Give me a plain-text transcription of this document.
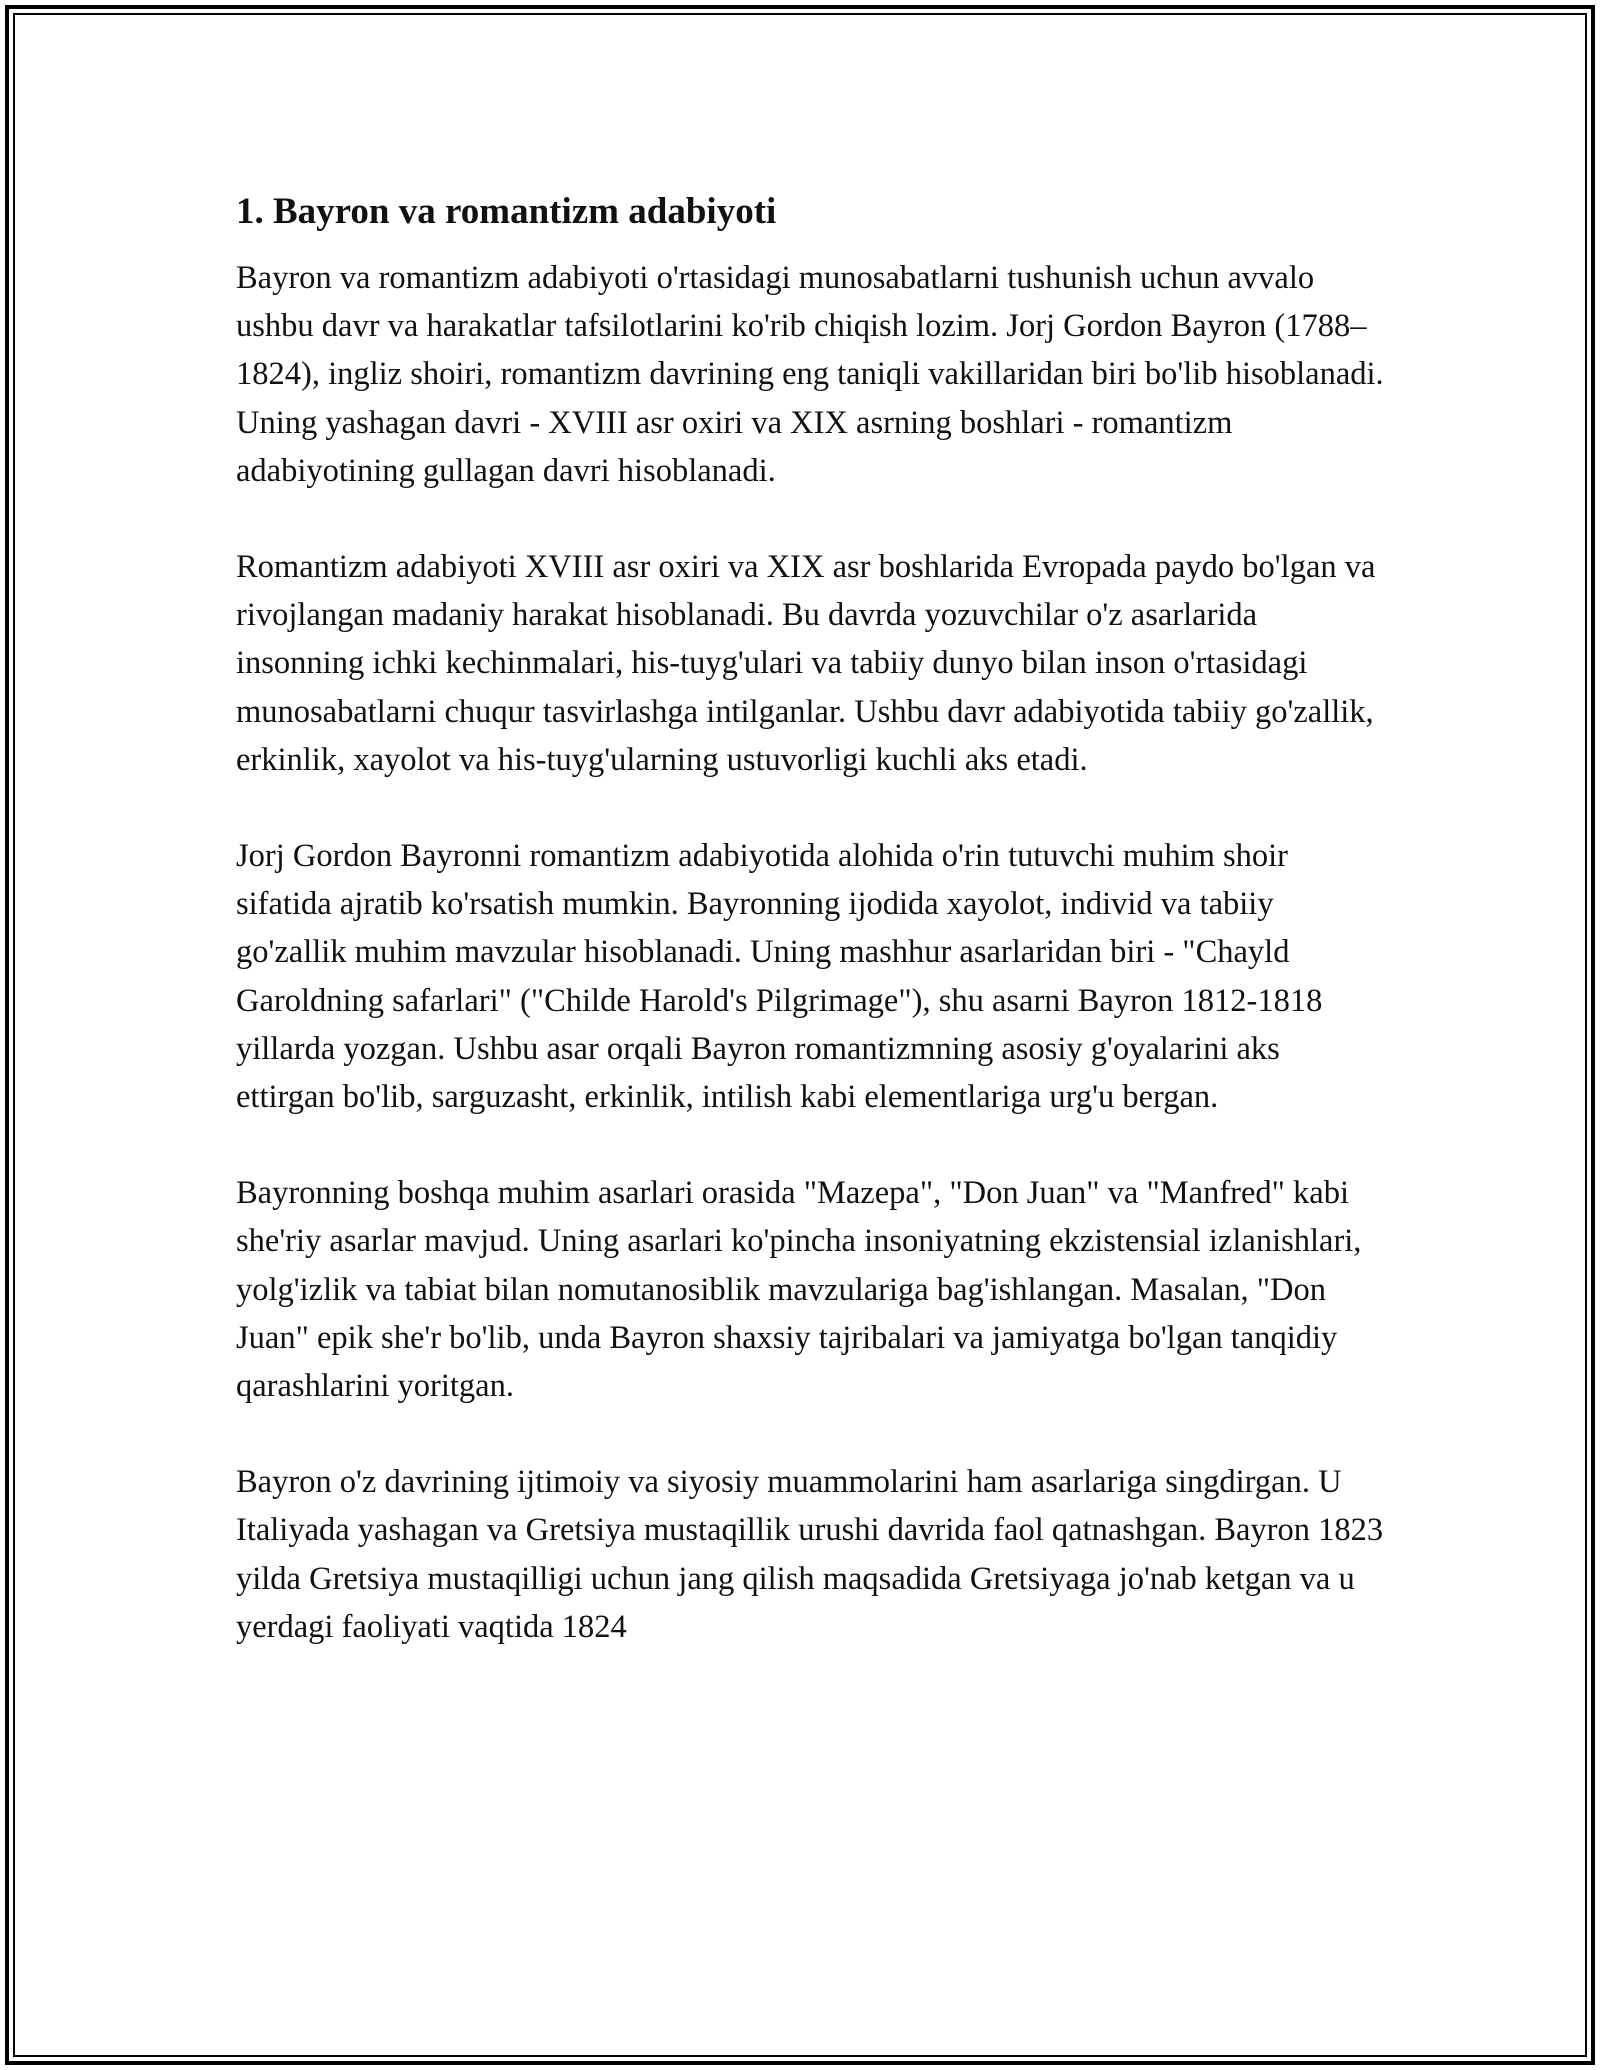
1. Bayron va romantizm adabiyoti

Bayron va romantizm adabiyoti o'rtasidagi munosabatlarni tushunish uchun avvalo ushbu davr va harakatlar tafsilotlarini ko'rib chiqish lozim. Jorj Gordon Bayron (1788–1824), ingliz shoiri, romantizm davrining eng taniqli vakillaridan biri bo'lib hisoblanadi. Uning yashagan davri - XVIII asr oxiri va XIX asrning boshlari - romantizm adabiyotining gullagan davri hisoblanadi.

Romantizm adabiyoti XVIII asr oxiri va XIX asr boshlarida Evropada paydo bo'lgan va rivojlangan madaniy harakat hisoblanadi. Bu davrda yozuvchilar o'z asarlarida insonning ichki kechinmalari, his-tuyg'ulari va tabiiy dunyo bilan inson o'rtasidagi munosabatlarni chuqur tasvirlashga intilganlar. Ushbu davr adabiyotida tabiiy go'zallik, erkinlik, xayolot va his-tuyg'ularning ustuvorligi kuchli aks etadi.

Jorj Gordon Bayronni romantizm adabiyotida alohida o'rin tutuvchi muhim shoir sifatida ajratib ko'rsatish mumkin. Bayronning ijodida xayolot, individ va tabiiy go'zallik muhim mavzular hisoblanadi. Uning mashhur asarlaridan biri - "Chayld Garoldning safarlari" ("Childe Harold's Pilgrimage"), shu asarni Bayron 1812-1818 yillarda yozgan. Ushbu asar orqali Bayron romantizmning asosiy g'oyalarini aks ettirgan bo'lib, sarguzasht, erkinlik, intilish kabi elementlariga urg'u bergan.

Bayronning boshqa muhim asarlari orasida "Mazepa", "Don Juan" va "Manfred" kabi she'riy asarlar mavjud. Uning asarlari ko'pincha insoniyatning ekzistensial izlanishlari, yolg'izlik va tabiat bilan nomutanosiblik mavzulariga bag'ishlangan. Masalan, "Don Juan" epik she'r bo'lib, unda Bayron shaxsiy tajribalari va jamiyatga bo'lgan tanqidiy qarashlarini yoritgan.

Bayron o'z davrining ijtimoiy va siyosiy muammolarini ham asarlariga singdirgan. U Italiyada yashagan va Gretsiya mustaqillik urushi davrida faol qatnashgan. Bayron 1823 yilda Gretsiya mustaqilligi uchun jang qilish maqsadida Gretsiyaga jo'nab ketgan va u yerdagi faoliyati vaqtida 1824
